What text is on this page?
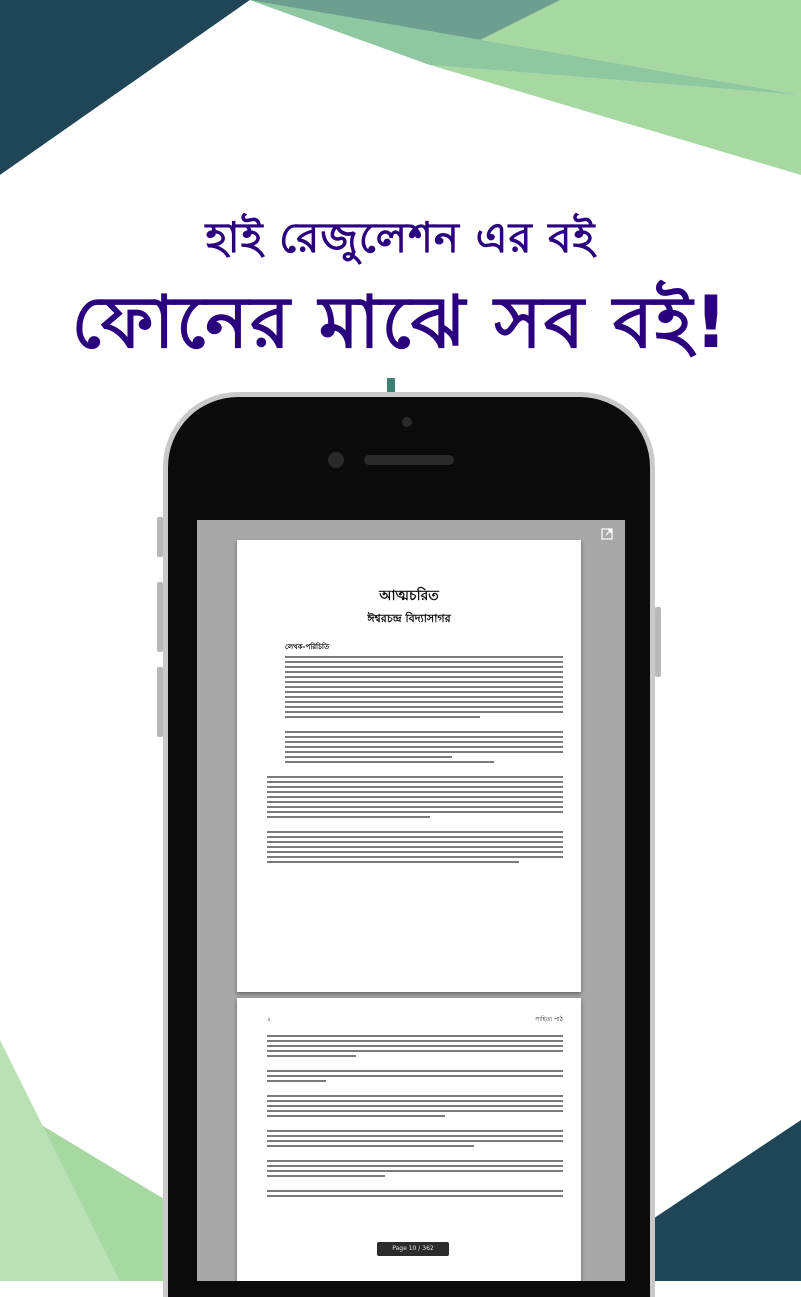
হাই রেজুলেশন এর বই
ফোনের মাঝে সব বই!
আত্মচরিত
ঈশ্বরচন্দ্র বিদ্যাসাগর
লেখক-পরিচিতি
২	সাহিত্য পাঠ
Page 10 / 362
